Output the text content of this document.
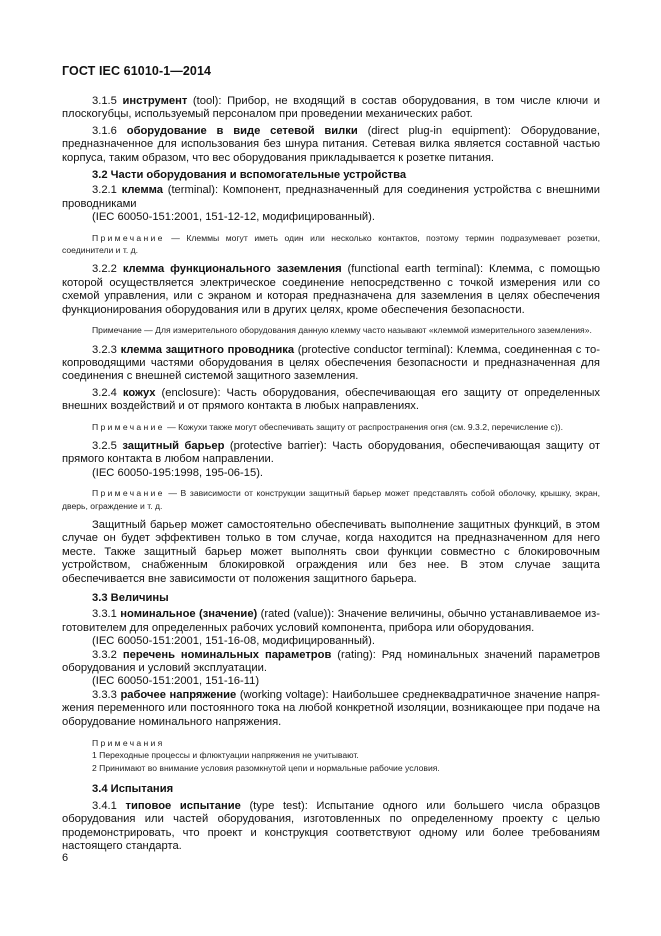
ГОСТ IEC 61010-1—2014

3.1.5 инструмент (tool): Прибор, не входящий в состав оборудования, в том числе ключи и плоскогубцы, используемый персоналом при проведении механических работ.

3.1.6 оборудование в виде сетевой вилки (direct plug-in equipment): Оборудование, предназначенное для использования без шнура питания. Сетевая вилка является составной частью корпуса, таким образом, что вес оборудования прикладывается к розетке питания.

3.2 Части оборудования и вспомогательные устройства

3.2.1 клемма (terminal): Компонент, предназначенный для соединения устройства с внешними проводниками

(IEC 60050-151:2001, 151-12-12, модифицированный).

Примечание — Клеммы могут иметь один или несколько контактов, поэтому термин подразумевает розетки, соединители и т. д.

3.2.2 клемма функционального заземления (functional earth terminal): Клемма, с помощью которой осуществляется электрическое соединение непосредственно с точкой измерения или со схемой управления, или с экраном и которая предназначена для заземления в целях обеспечения функционирования оборудования или в других целях, кроме обеспечения безопасности.

Примечание — Для измерительного оборудования данную клемму часто называют «клеммой измерительного заземления».

3.2.3 клемма защитного проводника (protective conductor terminal): Клемма, соединенная с токопроводящими частями оборудования в целях обеспечения безопасности и предназначенная для соединения с внешней системой защитного заземления.

3.2.4 кожух (enclosure): Часть оборудования, обеспечивающая его защиту от определенных внешних воздействий и от прямого контакта в любых направлениях.

Примечание — Кожухи также могут обеспечивать защиту от распространения огня (см. 9.3.2, перечисление с)).

3.2.5 защитный барьер (protective barrier): Часть оборудования, обеспечивающая защиту от прямого контакта в любом направлении.

(IEC 60050-195:1998, 195-06-15).

Примечание — В зависимости от конструкции защитный барьер может представлять собой оболочку, крышку, экран, дверь, ограждение и т. д.

Защитный барьер может самостоятельно обеспечивать выполнение защитных функций, в этом случае он будет эффективен только в том случае, когда находится на предназначенном для него месте. Также защитный барьер может выполнять свои функции совместно с блокировочным устройством, снабженным блокировкой ограждения или без нее. В этом случае защита обеспечивается вне зависимости от положения защитного барьера.

3.3 Величины

3.3.1 номинальное (значение) (rated (value)): Значение величины, обычно устанавливаемое изготовителем для определенных рабочих условий компонента, прибора или оборудования.

(IEC 60050-151:2001, 151-16-08, модифицированный).

3.3.2 перечень номинальных параметров (rating): Ряд номинальных значений параметров оборудования и условий эксплуатации.

(IEC 60050-151:2001, 151-16-11)

3.3.3 рабочее напряжение (working voltage): Наибольшее среднеквадратичное значение напряжения переменного или постоянного тока на любой конкретной изоляции, возникающее при подаче на оборудование номинального напряжения.

Примечания
1 Переходные процессы и флюктуации напряжения не учитывают.
2 Принимают во внимание условия разомкнутой цепи и нормальные рабочие условия.
3.4 Испытания

3.4.1 типовое испытание (type test): Испытание одного или большего числа образцов оборудования или частей оборудования, изготовленных по определенному проекту с целью продемонстрировать, что проект и конструкция соответствуют одному или более требованиям настоящего стандарта.

6
